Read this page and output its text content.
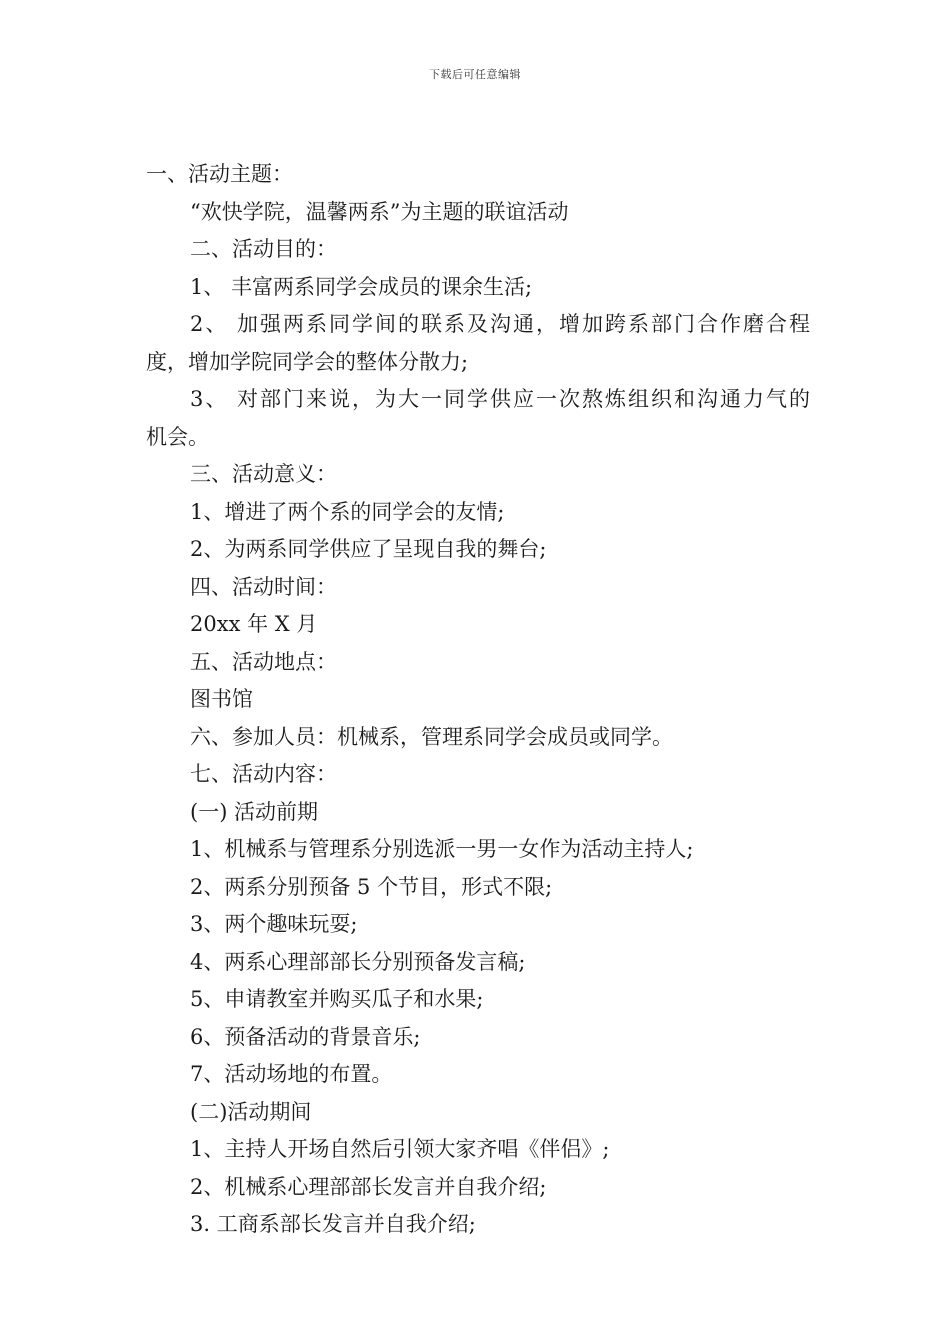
下载后可任意编辑
一、活动主题：
“欢快学院，温馨两系”为主题的联谊活动
二、活动目的：
1、 丰富两系同学会成员的课余生活;
2、 加强两系同学间的联系及沟通，增加跨系部门合作磨合程
度，增加学院同学会的整体分散力;
3、 对部门来说，为大一同学供应一次熬炼组织和沟通力气的
机会。
三、活动意义：
1、增进了两个系的同学会的友情;
2、为两系同学供应了呈现自我的舞台;
四、活动时间：
20xx 年 X 月
五、活动地点：
图书馆
六、参加人员：机械系，管理系同学会成员或同学。
七、活动内容：
(一) 活动前期
1、机械系与管理系分别选派一男一女作为活动主持人;
2、两系分别预备 5 个节目，形式不限;
3、两个趣味玩耍;
4、两系心理部部长分别预备发言稿;
5、申请教室并购买瓜子和水果;
6、预备活动的背景音乐;
7、活动场地的布置。
(二)活动期间
1、主持人开场自然后引领大家齐唱《伴侣》;
2、机械系心理部部长发言并自我介绍;
3. 工商系部长发言并自我介绍;
